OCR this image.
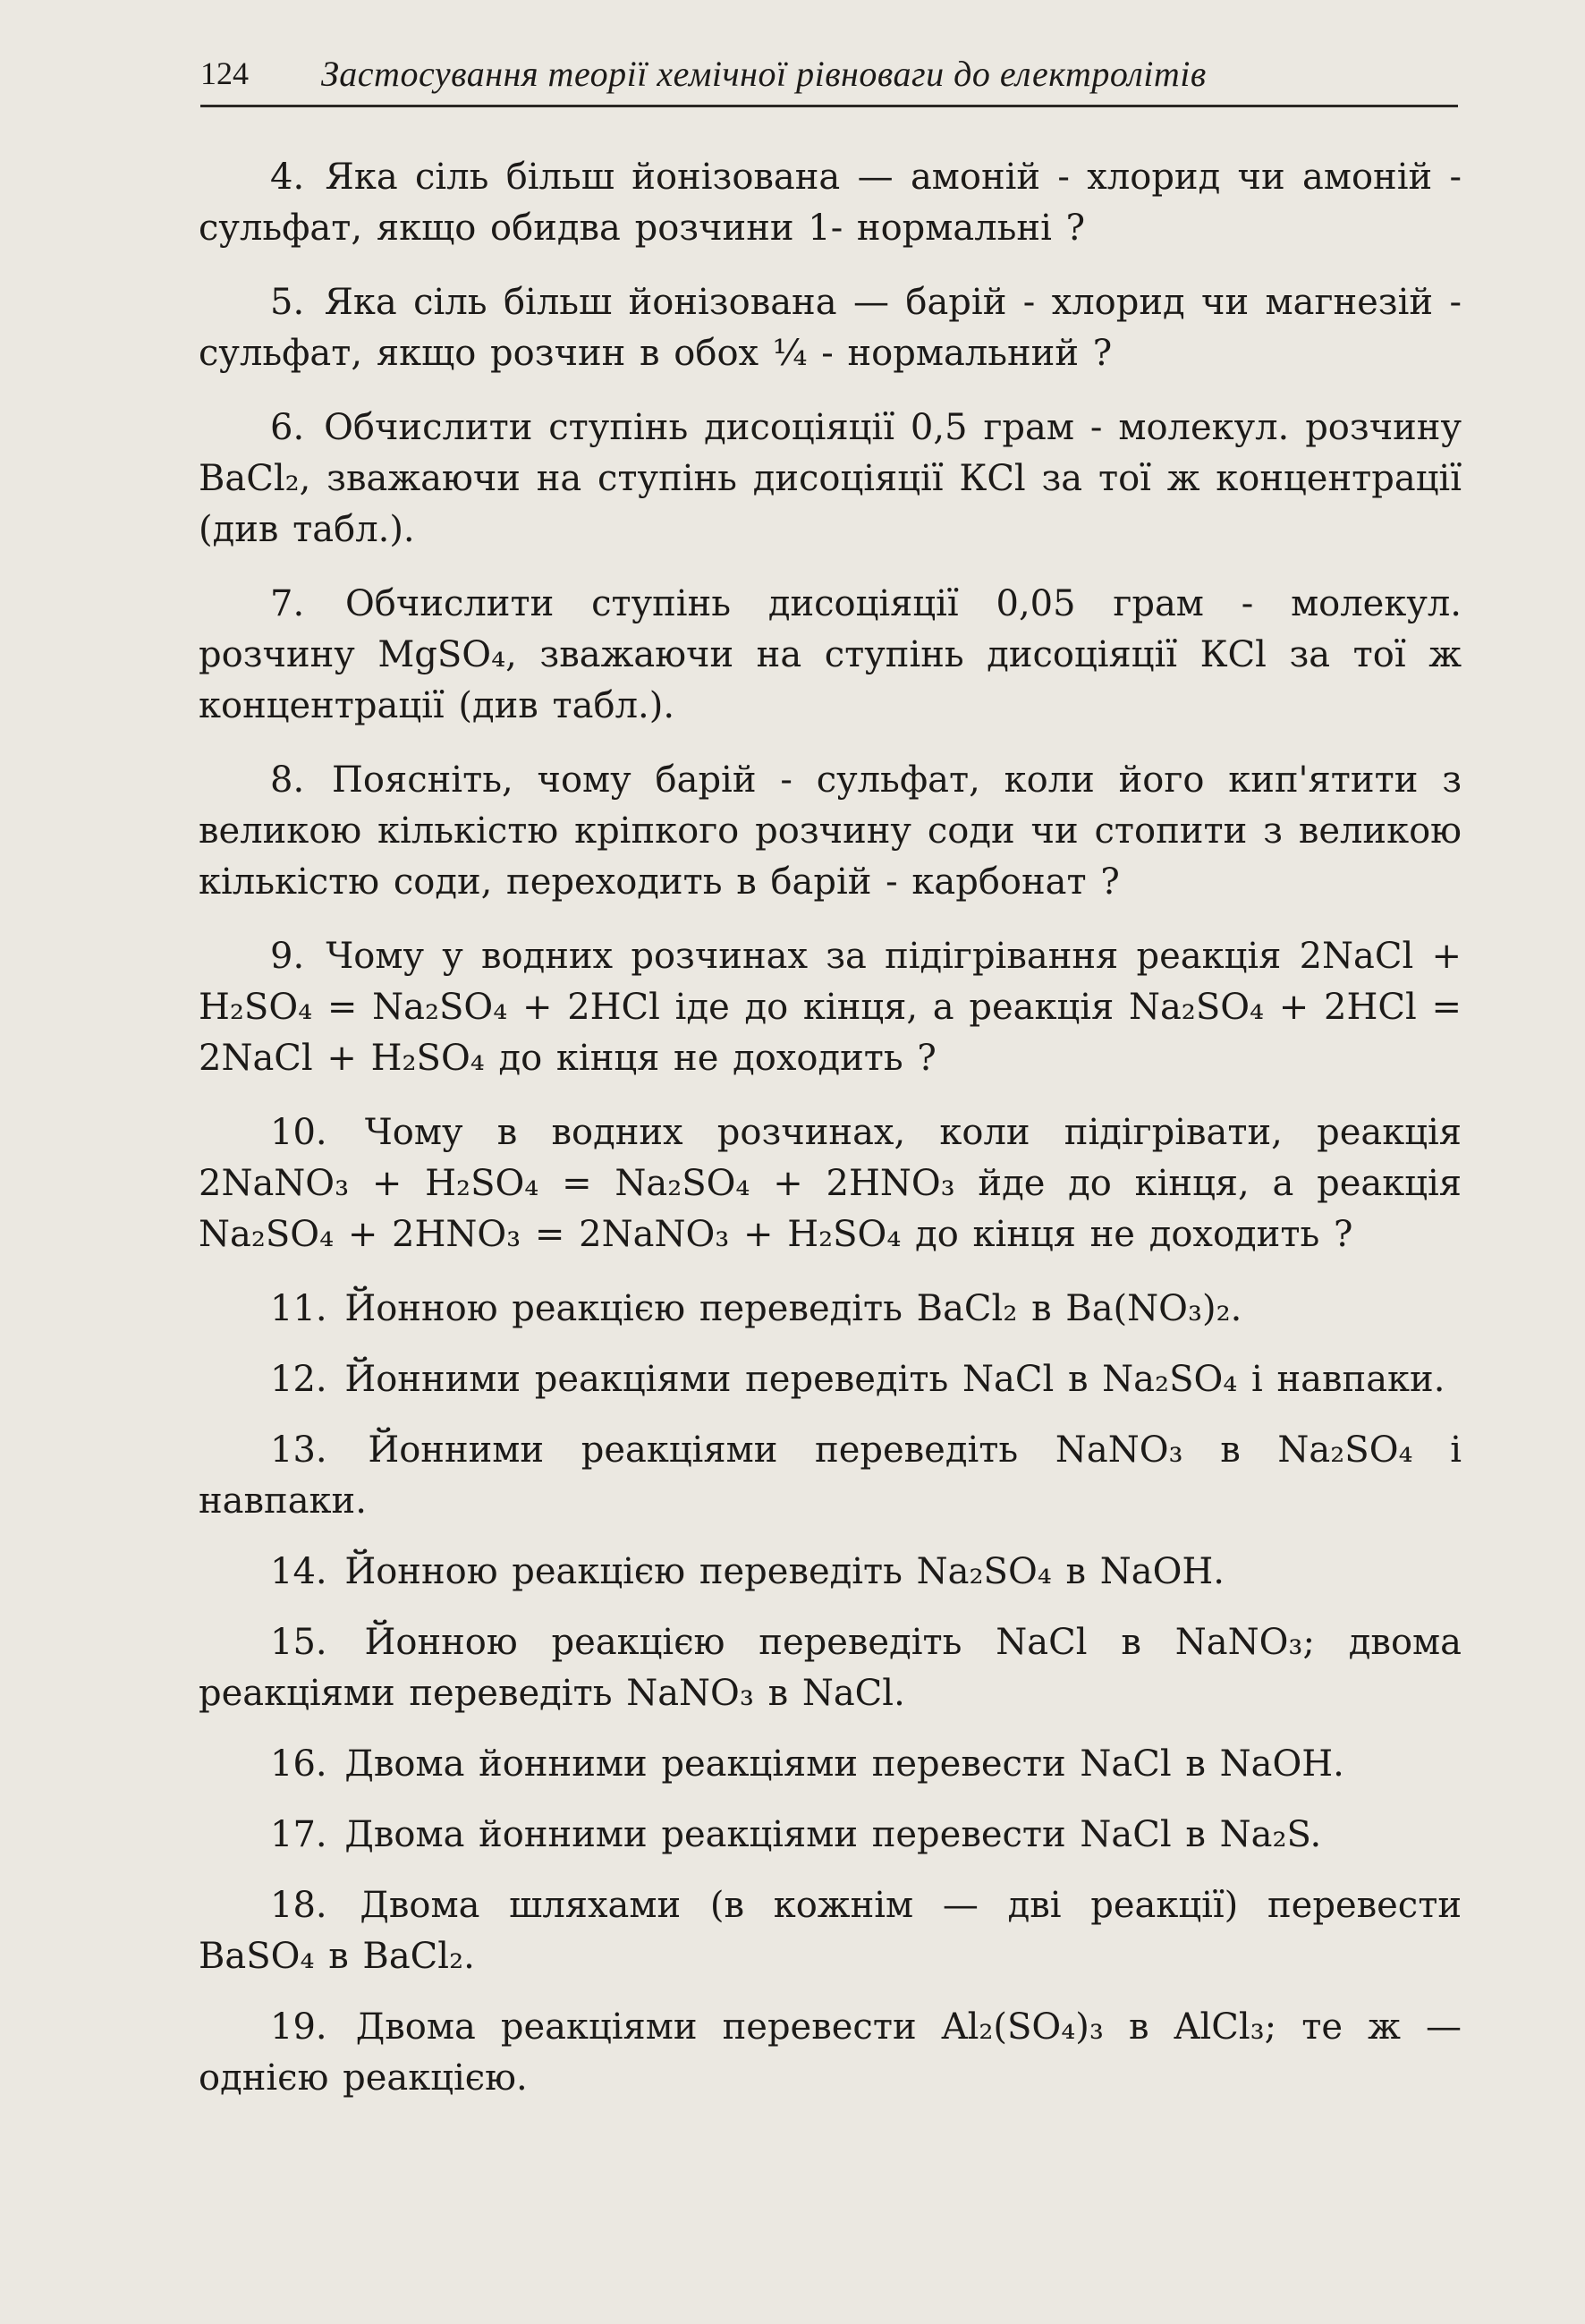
124 Застосування теорії хемічної рівноваги до електролітів

4. Яка сіль більш йонізована — амоній - хлорид чи амоній - сульфат, якщо обидва розчини 1- нормальні ?

5. Яка сіль більш йонізована — барій - хлорид чи магнезій - сульфат, якщо розчин в обох ¼ - нормальний ?

6. Обчислити ступінь дисоціяції 0,5 грам - молекул. розчину BaCl₂, зважаючи на ступінь дисоціяції КСl за тої ж концентрації (див табл.).

7. Обчислити ступінь дисоціяції 0,05 грам - молекул. розчину MgSO₄, зважаючи на ступінь дисоціяції КСl за тої ж концентрації (див табл.).

8. Поясніть, чому барій - сульфат, коли його кип'ятити з великою кількістю кріпкого розчину соди чи стопити з великою кількістю соди, переходить в барій - карбонат ?

9. Чому у водних розчинах за підігрівання реакція 2NaCl + H₂SO₄ = Na₂SO₄ + 2HCl іде до кінця, а реакція Na₂SO₄ + 2HCl = 2NaCl + H₂SO₄ до кінця не доходить ?

10. Чому в водних розчинах, коли підігрівати, реакція 2NaNO₃ + H₂SO₄ = Na₂SO₄ + 2HNO₃ йде до кінця, а реакція Na₂SO₄ + 2HNO₃ = 2NaNO₃ + H₂SO₄ до кінця не доходить ?

11. Йонною реакцією переведіть BaCl₂ в Ba(NO₃)₂.

12. Йонними реакціями переведіть NaCl в Na₂SO₄ і навпаки.

13. Йонними реакціями переведіть NaNO₃ в Na₂SO₄ і навпаки.

14. Йонною реакцією переведіть Na₂SO₄ в NaOH.

15. Йонною реакцією переведіть NaCl в NaNO₃; двома реакціями переведіть NaNO₃ в NaCl.

16. Двома йонними реакціями перевести NaCl в NaOH.

17. Двома йонними реакціями перевести NaCl в Na₂S.

18. Двома шляхами (в кожнім — дві реакції) перевести BaSO₄ в BaCl₂.

19. Двома реакціями перевести Al₂(SO₄)₃ в AlCl₃; те ж — однією реакцією.
